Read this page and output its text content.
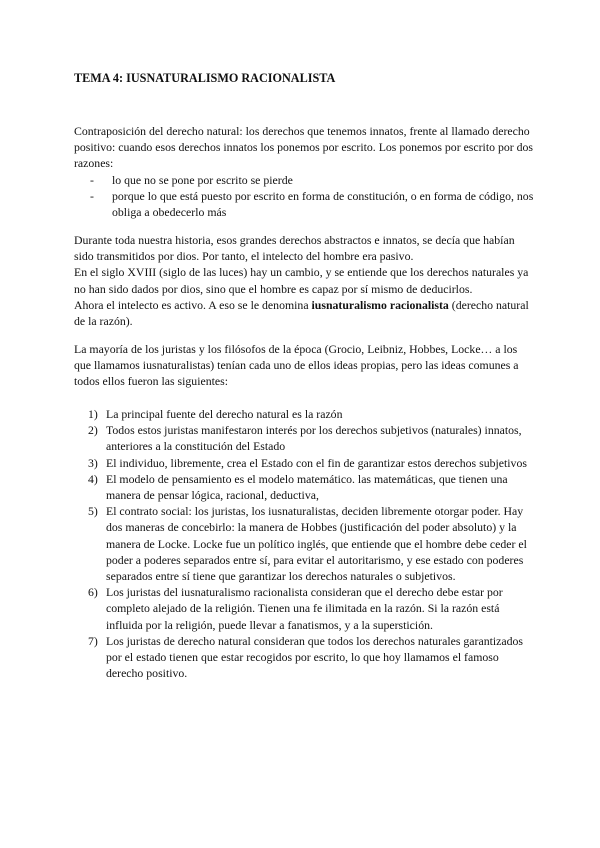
TEMA 4: IUSNATURALISMO RACIONALISTA

Contraposición del derecho natural: los derechos que tenemos innatos, frente al llamado derecho positivo: cuando esos derechos innatos los ponemos por escrito. Los ponemos por escrito por dos razones:

- lo que no se pone por escrito se pierde
- porque lo que está puesto por escrito en forma de constitución, o en forma de código, nos obliga a obedecerlo más

Durante toda nuestra historia, esos grandes derechos abstractos e innatos, se decía que habían sido transmitidos por dios. Por tanto, el intelecto del hombre era pasivo.

En el siglo XVIII (siglo de las luces) hay un cambio, y se entiende que los derechos naturales ya no han sido dados por dios, sino que el hombre es capaz por sí mismo de deducirlos.

Ahora el intelecto es activo. A eso se le denomina iusnaturalismo racionalista (derecho natural de la razón).

La mayoría de los juristas y los filósofos de la época (Grocio, Leibniz, Hobbes, Locke… a los que llamamos iusnaturalistas) tenían cada uno de ellos ideas propias, pero las ideas comunes a todos ellos fueron las siguientes:

1) La principal fuente del derecho natural es la razón
2) Todos estos juristas manifestaron interés por los derechos subjetivos (naturales) innatos, anteriores a la constitución del Estado
3) El individuo, libremente, crea el Estado con el fin de garantizar estos derechos subjetivos
4) El modelo de pensamiento es el modelo matemático. las matemáticas, que tienen una manera de pensar lógica, racional, deductiva,
5) El contrato social: los juristas, los iusnaturalistas, deciden libremente otorgar poder. Hay dos maneras de concebirlo: la manera de Hobbes (justificación del poder absoluto) y la manera de Locke. Locke fue un político inglés, que entiende que el hombre debe ceder el poder a poderes separados entre sí, para evitar el autoritarismo, y ese estado con poderes separados entre sí tiene que garantizar los derechos naturales o subjetivos.
6) Los juristas del iusnaturalismo racionalista consideran que el derecho debe estar por completo alejado de la religión. Tienen una fe ilimitada en la razón. Si la razón está influida por la religión, puede llevar a fanatismos, y a la superstición.
7) Los juristas de derecho natural consideran que todos los derechos naturales garantizados por el estado tienen que estar recogidos por escrito, lo que hoy llamamos el famoso derecho positivo.
